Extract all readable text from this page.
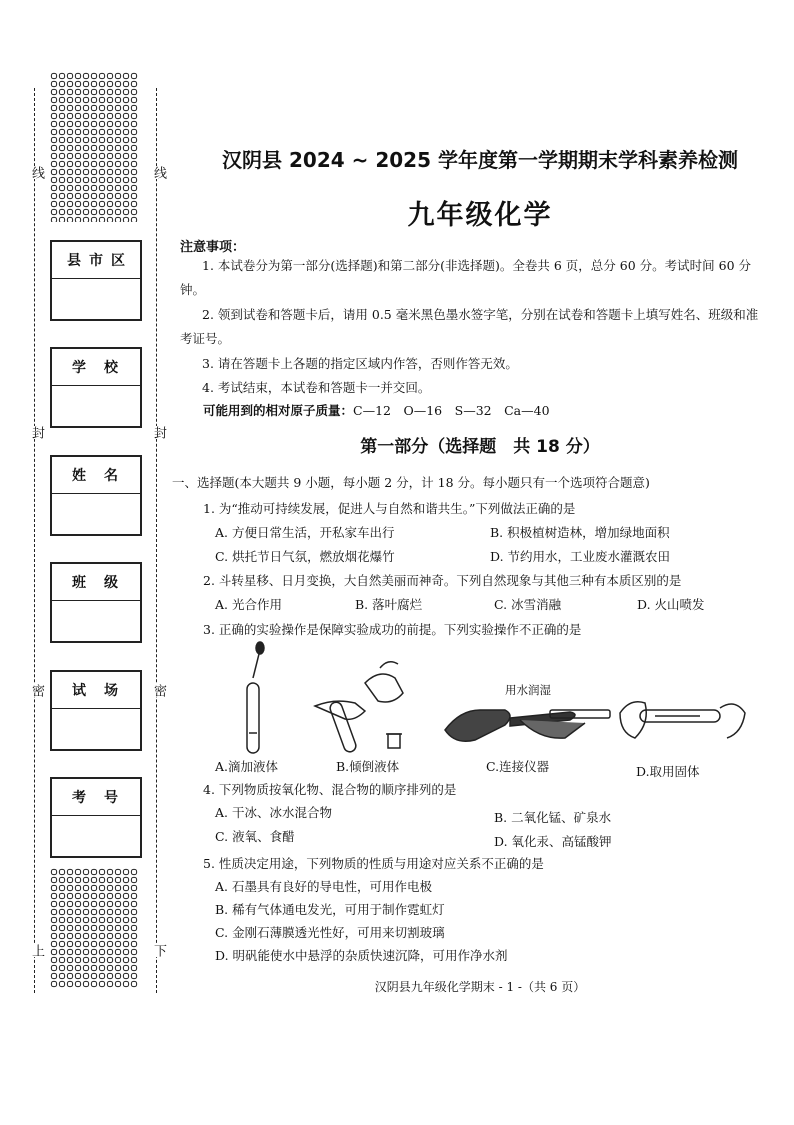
线
封
密
上
线
封
密
下
县市区
学校
姓名
班级
试场
考号
汉阴县 2024 ~ 2025 学年度第一学期期末学科素养检测
九年级化学
注意事项：
1. 本试卷分为第一部分(选择题)和第二部分(非选择题)。全卷共 6 页，总分 60 分。考试时间 60 分钟。
2. 领到试卷和答题卡后，请用 0.5 毫米黑色墨水签字笔，分别在试卷和答题卡上填写姓名、班级和准考证号。
3. 请在答题卡上各题的指定区域内作答，否则作答无效。
4. 考试结束，本试卷和答题卡一并交回。
可能用到的相对原子质量：C—12　O—16　S—32　Ca—40
第一部分（选择题　共 18 分）
一、选择题(本大题共 9 小题，每小题 2 分，计 18 分。每小题只有一个选项符合题意)
1. 为“推动可持续发展，促进人与自然和谐共生。”下列做法正确的是
A. 方便日常生活，开私家车出行	B. 积极植树造林，增加绿地面积
C. 烘托节日气氛，燃放烟花爆竹	D. 节约用水，工业废水灌溉农田
2. 斗转星移、日月变换，大自然美丽而神奇。下列自然现象与其他三种有本质区别的是
A. 光合作用	B. 落叶腐烂	C. 冰雪消融	D. 火山喷发
3. 正确的实验操作是保障实验成功的前提。下列实验操作不正确的是
用水润湿
A.滴加液体	B.倾倒液体	C.连接仪器	D.取用固体
4. 下列物质按氧化物、混合物的顺序排列的是
A. 干冰、冰水混合物	B. 二氧化锰、矿泉水
C. 液氧、食醋	D. 氧化汞、高锰酸钾
5. 性质决定用途，下列物质的性质与用途对应关系不正确的是
A. 石墨具有良好的导电性，可用作电极
B. 稀有气体通电发光，可用于制作霓虹灯
C. 金刚石薄膜透光性好，可用来切割玻璃
D. 明矾能使水中悬浮的杂质快速沉降，可用作净水剂
汉阴县九年级化学期末 - 1 -（共 6 页）
